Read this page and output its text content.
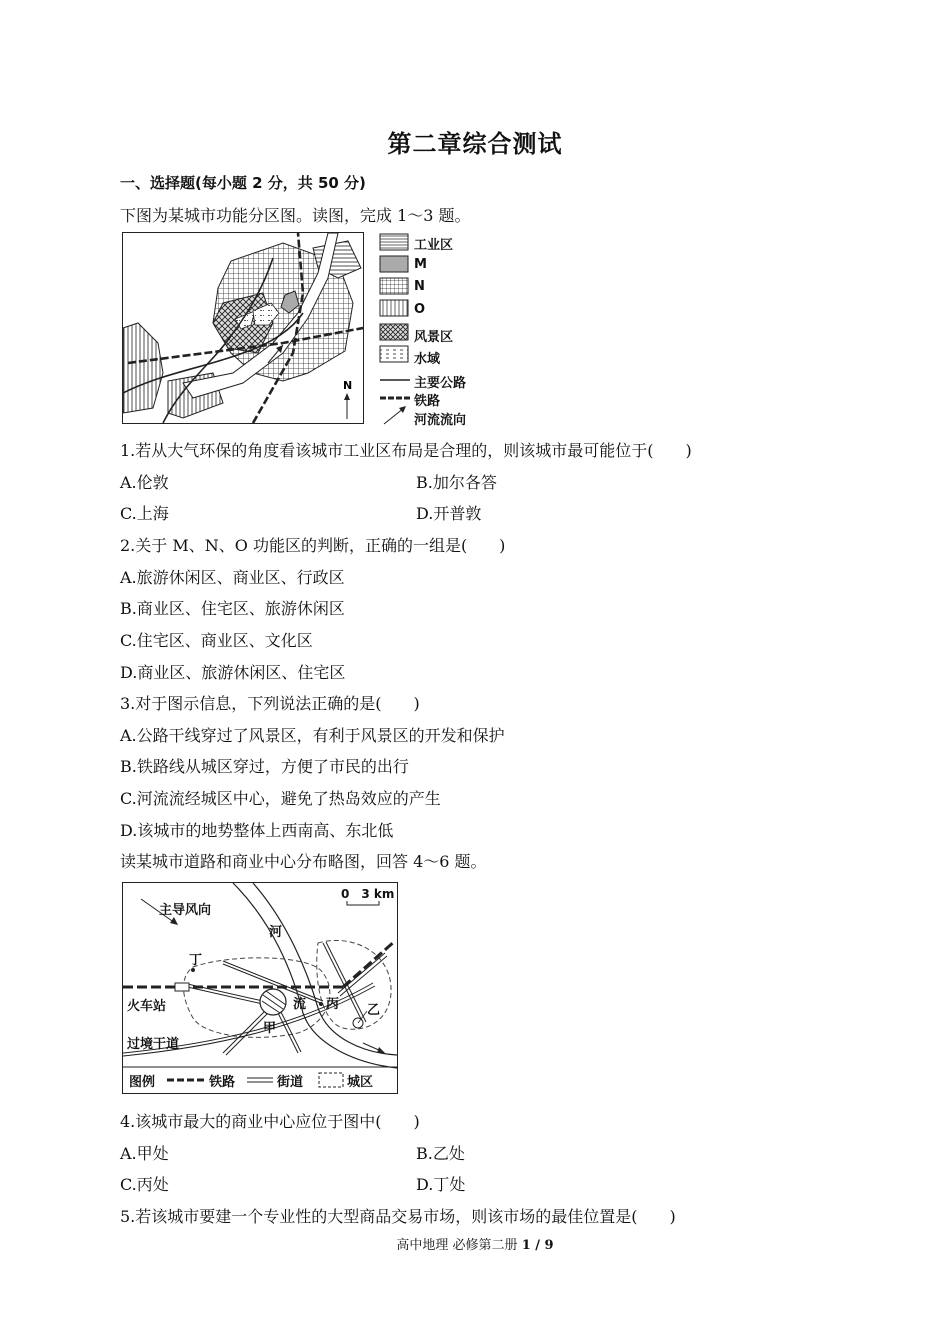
第二章综合测试
一、选择题(每小题 2 分，共 50 分)
下图为某城市功能分区图。读图，完成 1～3 题。
N
工业区
M
N
O
风景区
水域
主要公路
铁路
河流流向
1.若从大气环保的角度看该城市工业区布局是合理的，则该城市最可能位于(　　)
A.伦敦	B.加尔各答
C.上海	D.开普敦
2.关于 M、N、O 功能区的判断，正确的一组是(　　)
A.旅游休闲区、商业区、行政区
B.商业区、住宅区、旅游休闲区
C.住宅区、商业区、文化区
D.商业区、旅游休闲区、住宅区
3.对于图示信息，下列说法正确的是(　　)
A.公路干线穿过了风景区，有利于风景区的开发和保护
B.铁路线从城区穿过，方便了市民的出行
C.河流流经城区中心，避免了热岛效应的产生
D.该城市的地势整体上西南高、东北低
读某城市道路和商业中心分布略图，回答 4～6 题。
主导风向
0　3 km
河
流
火车站
过境干道
甲
乙
丙
丁
图例	铁路	街道	城区
4.该城市最大的商业中心应位于图中(　　)
A.甲处	B.乙处
C.丙处	D.丁处
5.若该城市要建一个专业性的大型商品交易市场，则该市场的最佳位置是(　　)
高中地理 必修第二册 1 / 9
